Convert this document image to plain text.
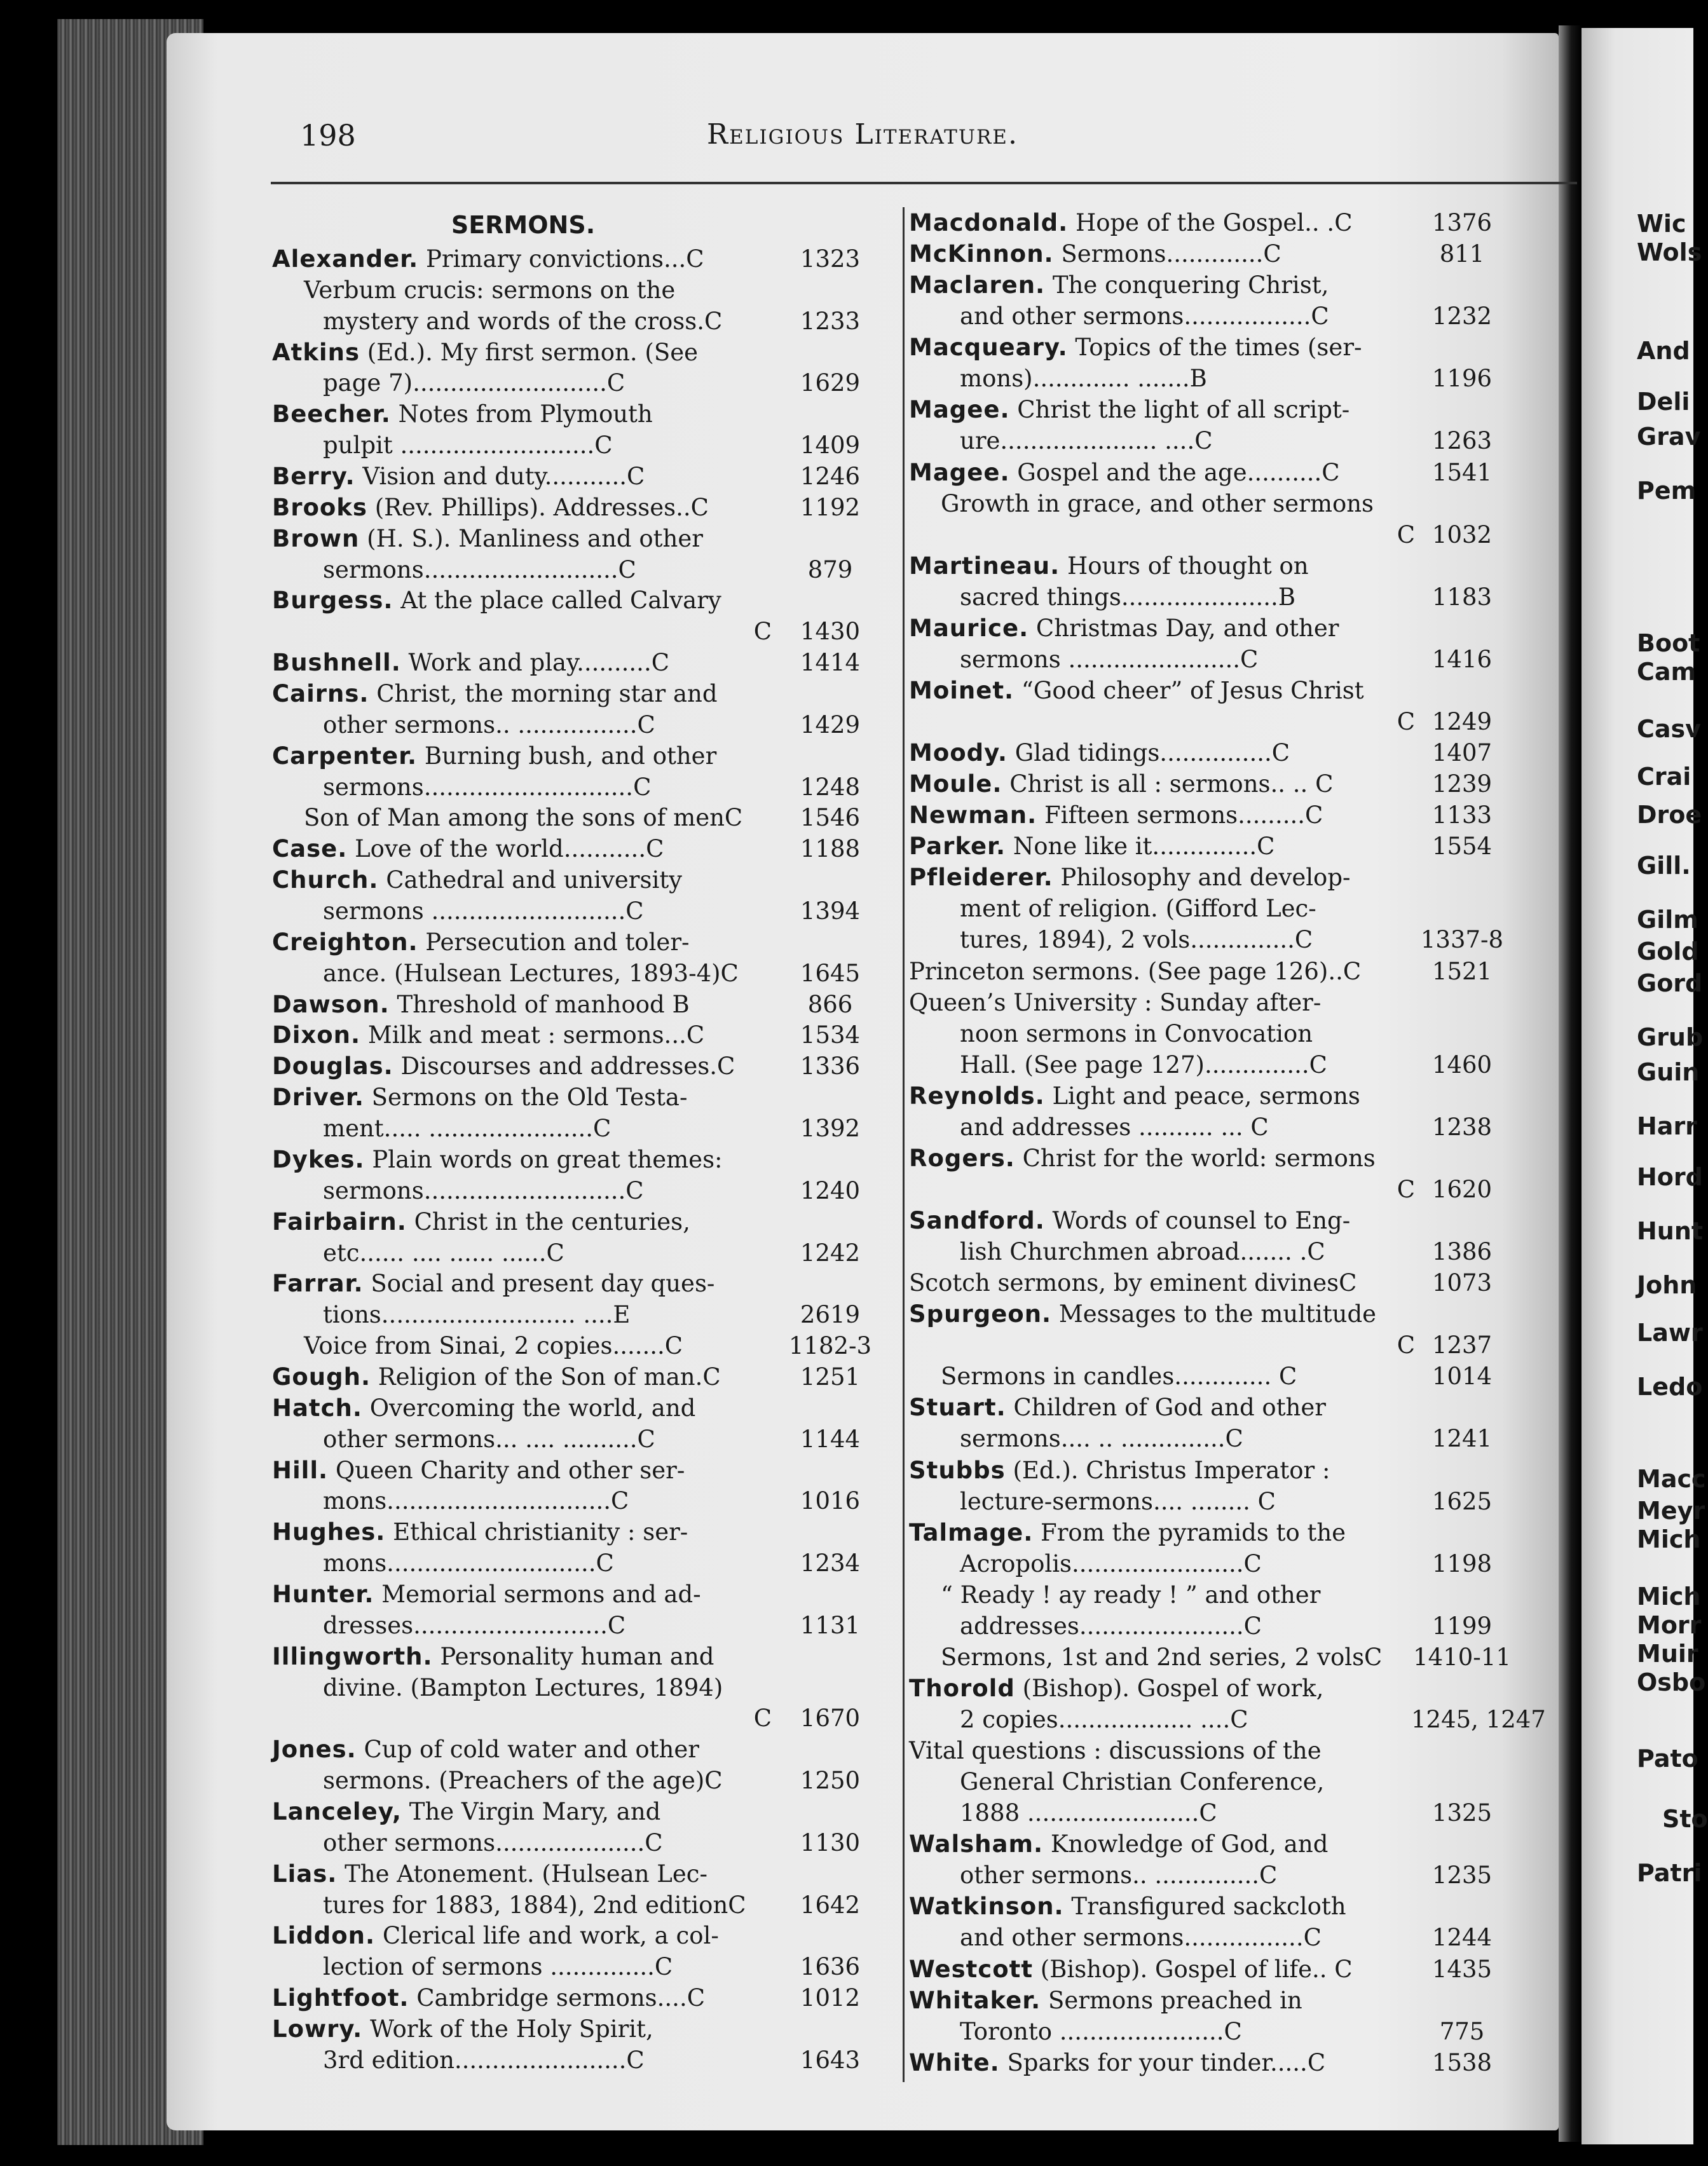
198	Religious Literature.
SERMONS.
Alexander. Primary convictions...C	1323
Verbum crucis: sermons on the
mystery and words of the cross.C	1233
Atkins (Ed.). My first sermon. (See
page 7)..........................C	1629
Beecher. Notes from Plymouth
pulpit ..........................C	1409
Berry. Vision and duty...........C	1246
Brooks (Rev. Phillips). Addresses..C	1192
Brown (H. S.). Manliness and other
sermons..........................C	879
Burgess. At the place called Calvary
C	1430
Bushnell. Work and play..........C	1414
Cairns. Christ, the morning star and
other sermons.. ................C	1429
Carpenter. Burning bush, and other
sermons............................C	1248
Son of Man among the sons of menC	1546
Case. Love of the world...........C	1188
Church. Cathedral and university
sermons ..........................C	1394
Creighton. Persecution and toler-
ance. (Hulsean Lectures, 1893-4)C	1645
Dawson. Threshold of manhood B	866
Dixon. Milk and meat : sermons...C	1534
Douglas. Discourses and addresses.C	1336
Driver. Sermons on the Old Testa-
ment..... ......................C	1392
Dykes. Plain words on great themes:
sermons...........................C	1240
Fairbairn. Christ in the centuries,
etc...... .... ...... ......C	1242
Farrar. Social and present day ques-
tions.......................... ....E	2619
Voice from Sinai, 2 copies.......C	1182-3
Gough. Religion of the Son of man.C	1251
Hatch. Overcoming the world, and
other sermons... .... ..........C	1144
Hill. Queen Charity and other ser-
mons..............................C	1016
Hughes. Ethical christianity : ser-
mons............................C	1234
Hunter. Memorial sermons and ad-
dresses..........................C	1131
Illingworth. Personality human and
divine. (Bampton Lectures, 1894)
C	1670
Jones. Cup of cold water and other
sermons. (Preachers of the age)C	1250
Lanceley, The Virgin Mary, and
other sermons....................C	1130
Lias. The Atonement. (Hulsean Lec-
tures for 1883, 1884), 2nd editionC	1642
Liddon. Clerical life and work, a col-
lection of sermons ..............C	1636
Lightfoot. Cambridge sermons....C	1012
Lowry. Work of the Holy Spirit,
3rd edition.......................C	1643
Macdonald. Hope of the Gospel.. .C	1376
McKinnon. Sermons.............C	811
Maclaren. The conquering Christ,
and other sermons.................C	1232
Macqueary. Topics of the times (ser-
mons)............. .......B	1196
Magee. Christ the light of all script-
ure..................... ....C	1263
Magee. Gospel and the age..........C	1541
Growth in grace, and other sermons
C 1032
Martineau. Hours of thought on
sacred things.....................B	1183
Maurice. Christmas Day, and other
sermons .......................C	1416
Moinet. “Good cheer” of Jesus Christ
C 1249
Moody. Glad tidings...............C	1407
Moule. Christ is all : sermons.. .. C	1239
Newman. Fifteen sermons.........C	1133
Parker. None like it..............C	1554
Pfleiderer. Philosophy and develop-
ment of religion. (Gifford Lec-
tures, 1894), 2 vols..............C	1337-8
Princeton sermons. (See page 126)..C	1521
Queen’s University : Sunday after-
noon sermons in Convocation
Hall. (See page 127)..............C	1460
Reynolds. Light and peace, sermons
and addresses .......... ... C	1238
Rogers. Christ for the world: sermons
C 1620
Sandford. Words of counsel to Eng-
lish Churchmen abroad....... .C	1386
Scotch sermons, by eminent divinesC	1073
Spurgeon. Messages to the multitude
C 1237
Sermons in candles............. C	1014
Stuart. Children of God and other
sermons.... .. ..............C	1241
Stubbs (Ed.). Christus Imperator :
lecture-sermons.... ........ C	1625
Talmage. From the pyramids to the
Acropolis.......................C	1198
“ Ready ! ay ready ! ” and other
addresses......................C	1199
Sermons, 1st and 2nd series, 2 volsC	1410-11
Thorold (Bishop). Gospel of work,
2 copies.................. ....C	1245, 1247
Vital questions : discussions of the
General Christian Conference,
1888 .......................C	1325
Walsham. Knowledge of God, and
other sermons.. ..............C	1235
Watkinson. Transfigured sackcloth
and other sermons................C	1244
Westcott (Bishop). Gospel of life.. C	1435
Whitaker. Sermons preached in
Toronto ......................C	775
White. Sparks for your tinder.....C	1538
Wic
Wols
And
Deli
Grav
Pem
Boot
Cam
Casv
Crai
Droe
Gill.
Gilm
Gold
Gord
Grub
Guin
Harr
Hord
Hunt
John
Lawr
Ledo
Macc
Meyr
Mich
Mich
Morr
Muir
Osbo
Pato
Sto
Patri
